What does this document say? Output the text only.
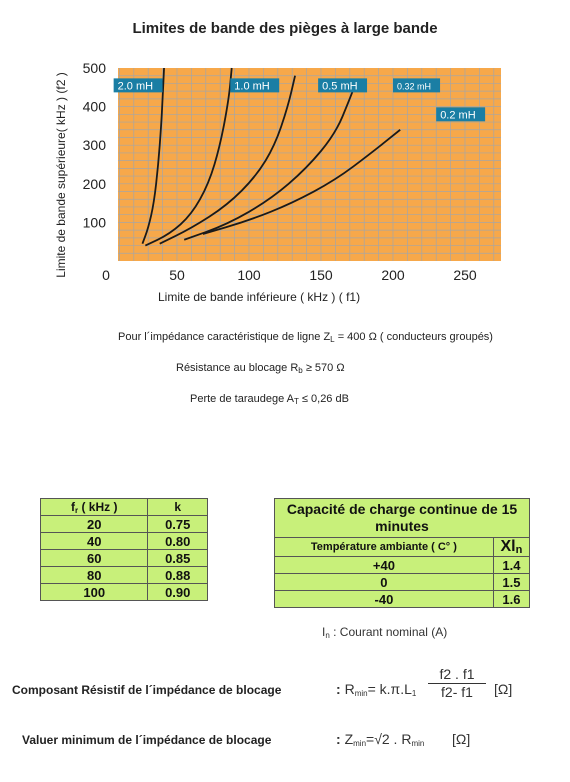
Limites de bande des pièges à large bande
2.0 mH	1.0 mH	0.5 mH	0.32 mH
0.2 mH
0	50	100	150	200	250
100
200
300
400
500
Limite de bande supérieure( kHz ) (f2 )
Limite de bande inférieure ( kHz ) ( f1)
Pour l´impédance caractéristique de ligne ZL = 400 Ω ( conducteurs groupés)
Résistance au blocage Rb ≥ 570 Ω
Perte de taraudege AT ≤ 0,26 dB
fr ( kHz )	k
20	0.75
40	0.80
60	0.85
80	0.88
100	0.90
Capacité de charge continue de 15 minutes	
Température ambiante ( C° )	Xln
+40	1.4
0	1.5
-40	1.6
In : Courant nominal (A)
Composant Résistif de l´impédance de blocage	: $Rmin= k.\pi.L1 \frac{f2 . f1}{f2- f1} [\Omega]$
Valuer minimum de l´impédance de blocage	: Zmin=√2 . Rmin [Ω]
